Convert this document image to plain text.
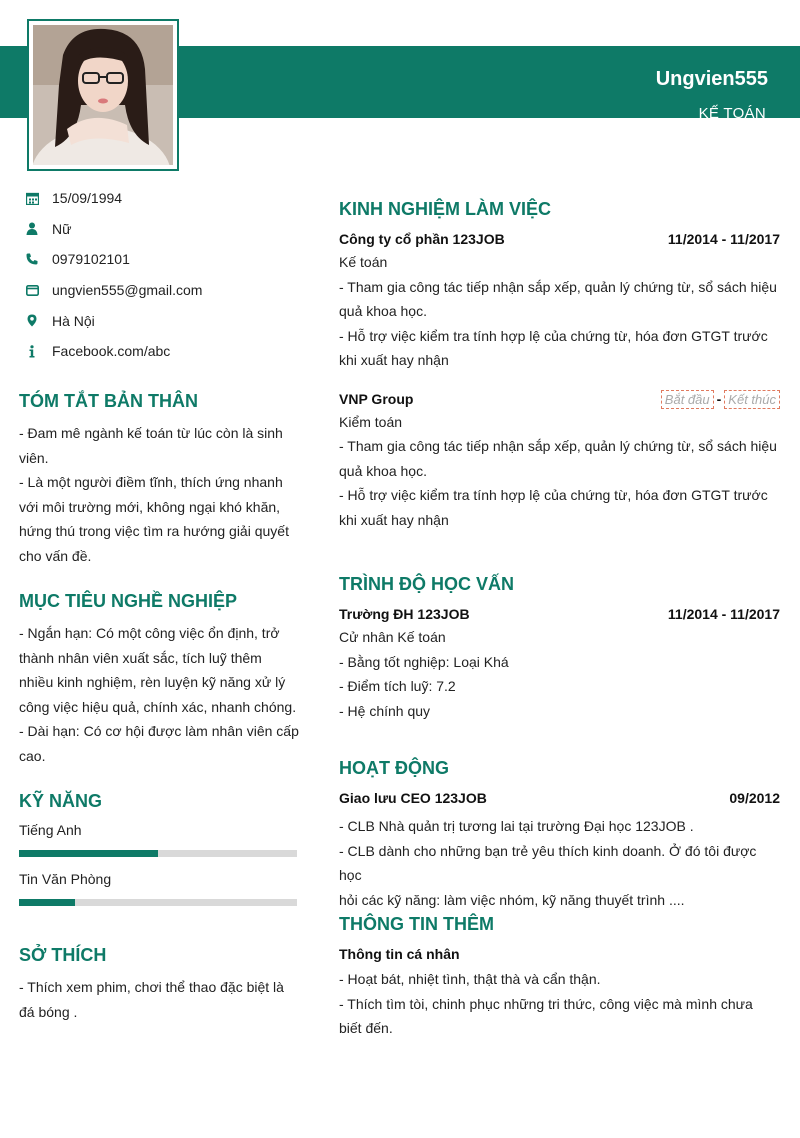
Ungvien555
KẾ TOÁN
15/09/1994
Nữ
0979102101
ungvien555@gmail.com
Hà Nội
Facebook.com/abc
TÓM TẮT BẢN THÂN
- Đam mê ngành kế toán từ lúc còn là sinh
viên.
- Là một người điềm tĩnh, thích ứng nhanh
với môi trường mới, không ngại khó khăn,
hứng thú trong việc tìm ra hướng giải quyết
cho vấn đề.
MỤC TIÊU NGHỀ NGHIỆP
- Ngắn hạn: Có một công việc ổn định, trở
thành nhân viên xuất sắc, tích luỹ thêm
nhiều kinh nghiệm, rèn luyện kỹ năng xử lý
công việc hiệu quả, chính xác, nhanh chóng.
- Dài hạn: Có cơ hội được làm nhân viên cấp
cao.
KỸ NĂNG
Tiếng Anh
Tin Văn Phòng
SỞ THÍCH
- Thích xem phim, chơi thể thao đặc biệt là
đá bóng .
KINH NGHIỆM LÀM VIỆC
Công ty cổ phần 123JOB	11/2014 - 11/2017
Kế toán
- Tham gia công tác tiếp nhận sắp xếp, quản lý chứng từ, sổ sách hiệu
quả khoa học.
- Hỗ trợ việc kiểm tra tính hợp lệ của chứng từ, hóa đơn GTGT trước
khi xuất hay nhận
VNP Group	Bắt đầu - Kết thúc
Kiểm toán
- Tham gia công tác tiếp nhận sắp xếp, quản lý chứng từ, sổ sách hiệu
quả khoa học.
- Hỗ trợ việc kiểm tra tính hợp lệ của chứng từ, hóa đơn GTGT trước
khi xuất hay nhận
TRÌNH ĐỘ HỌC VẤN
Trường ĐH 123JOB	11/2014 - 11/2017
Cử nhân Kế toán
- Bằng tốt nghiệp: Loại Khá
- Điểm tích luỹ: 7.2
- Hệ chính quy
HOẠT ĐỘNG
Giao lưu CEO 123JOB	09/2012
- CLB Nhà quản trị tương lai tại trường Đại học 123JOB .
- CLB dành cho những bạn trẻ yêu thích kinh doanh. Ở đó tôi được học
hỏi các kỹ năng: làm việc nhóm, kỹ năng thuyết trình ....
THÔNG TIN THÊM
Thông tin cá nhân
- Hoạt bát, nhiệt tình, thật thà và cẩn thận.
- Thích tìm tòi, chinh phục những tri thức, công việc mà mình chưa
biết đến.
